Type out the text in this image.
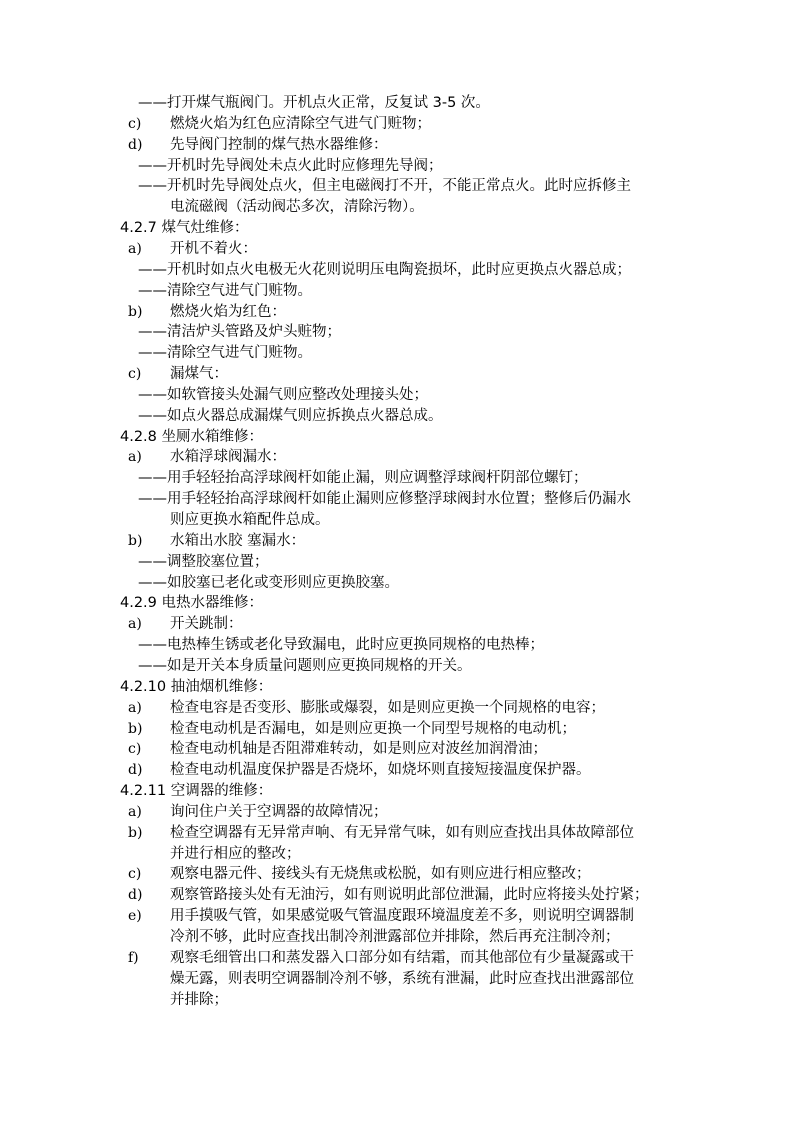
——打开煤气瓶阀门。开机点火正常，反复试 3-5 次。
c) 燃烧火焰为红色应清除空气进气门赃物；
d) 先导阀门控制的煤气热水器维修：
——开机时先导阀处未点火此时应修理先导阀；
——开机时先导阀处点火，但主电磁阀打不开，不能正常点火。此时应拆修主
电流磁阀（活动阀芯多次，清除污物）。
4.2.7 煤气灶维修：
a) 开机不着火：
——开机时如点火电极无火花则说明压电陶瓷损坏，此时应更换点火器总成；
——清除空气进气门赃物。
b) 燃烧火焰为红色：
——清洁炉头管路及炉头赃物；
——清除空气进气门赃物。
c) 漏煤气：
——如软管接头处漏气则应整改处理接头处；
——如点火器总成漏煤气则应拆换点火器总成。
4.2.8 坐厕水箱维修：
a) 水箱浮球阀漏水：
——用手轻轻抬高浮球阀杆如能止漏，则应调整浮球阀杆阴部位螺钉；
——用手轻轻抬高浮球阀杆如能止漏则应修整浮球阀封水位置；整修后仍漏水
则应更换水箱配件总成。
b) 水箱出水胶 塞漏水：
——调整胶塞位置；
——如胶塞已老化或变形则应更换胶塞。
4.2.9 电热水器维修：
a) 开关跳制：
——电热棒生锈或老化导致漏电，此时应更换同规格的电热棒；
——如是开关本身质量问题则应更换同规格的开关。
4.2.10 抽油烟机维修：
a) 检查电容是否变形、膨胀或爆裂，如是则应更换一个同规格的电容；
b) 检查电动机是否漏电，如是则应更换一个同型号规格的电动机；
c) 检查电动机轴是否阻滞难转动，如是则应对波丝加润滑油；
d) 检查电动机温度保护器是否烧坏，如烧坏则直接短接温度保护器。
4.2.11 空调器的维修：
a) 询问住户关于空调器的故障情况；
b) 检查空调器有无异常声响、有无异常气味，如有则应查找出具体故障部位
并进行相应的整改；
c) 观察电器元件、接线头有无烧焦或松脱，如有则应进行相应整改；
d) 观察管路接头处有无油污，如有则说明此部位泄漏，此时应将接头处拧紧；
e) 用手摸吸气管，如果感觉吸气管温度跟环境温度差不多，则说明空调器制
冷剂不够，此时应查找出制冷剂泄露部位并排除，然后再充注制冷剂；
f) 观察毛细管出口和蒸发器入口部分如有结霜，而其他部位有少量凝露或干
燥无露，则表明空调器制冷剂不够，系统有泄漏，此时应查找出泄露部位
并排除；
